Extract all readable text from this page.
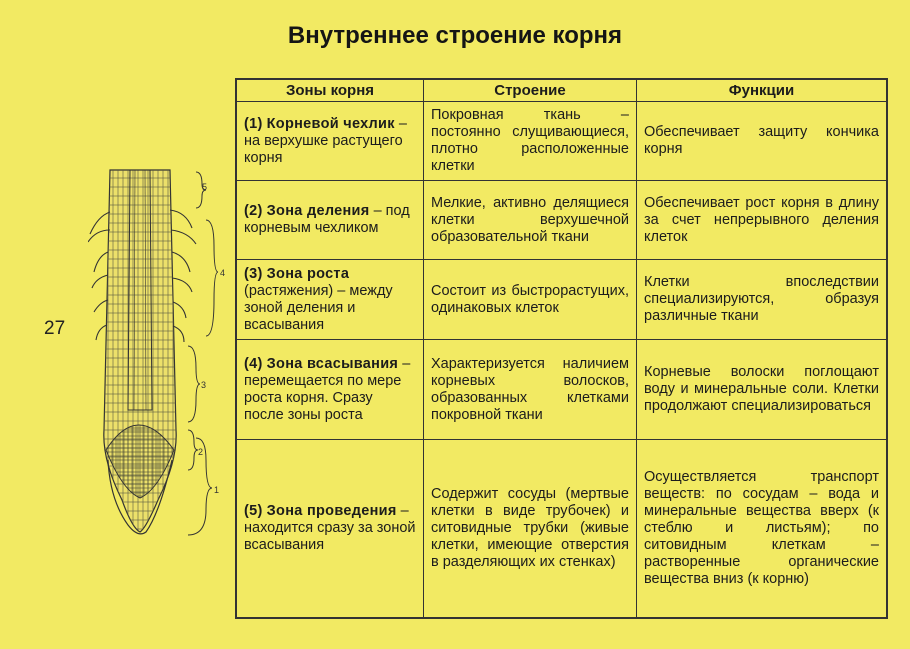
Внутреннее строение корня
27
5
4
3
2
1
Зоны корня	Строение	Функции
(1) Корневой чехлик – на верхушке растущего корня	Покровная ткань – постоянно слущивающиеся, плотно расположенные клетки	Обеспечивает защиту кончика корня
(2) Зона деления – под корневым чехликом	Мелкие, активно делящиеся клетки верхушечной образовательной ткани	Обеспечивает рост корня в длину за счет непрерывного деления клеток
(3) Зона роста (растяжения) – между зоной деления и всасывания	Состоит из быстрорастущих, одинаковых клеток	Клетки впоследствии специализируются, образуя различные ткани
(4) Зона всасывания – перемещается по мере роста корня. Сразу после зоны роста	Характеризуется наличием корневых волосков, образованных клетками покровной ткани	Корневые волоски поглощают воду и минеральные соли. Клетки продолжают специализироваться
(5) Зона проведения – находится сразу за зоной всасывания	Содержит сосуды (мертвые клетки в виде трубочек) и ситовидные трубки (живые клетки, имеющие отверстия в разделяющих их стенках)	Осуществляется транспорт веществ: по сосудам – вода и минеральные вещества вверх (к стеблю и листьям); по ситовидным клеткам – растворенные органические вещества вниз (к корню)
